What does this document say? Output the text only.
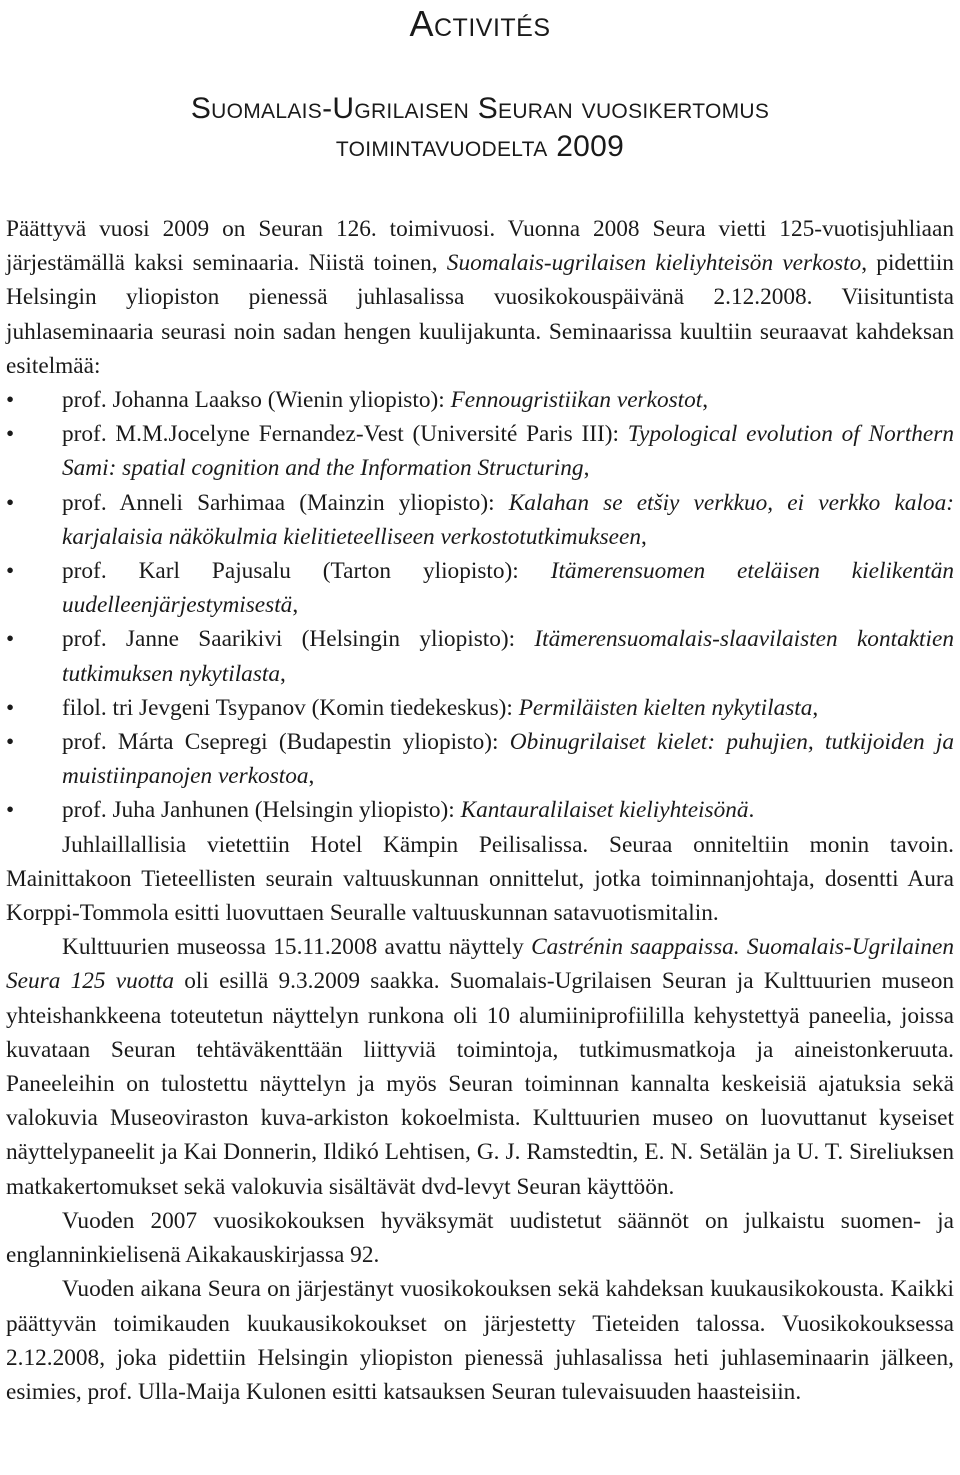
Activités
Suomalais-Ugrilaisen Seuran vuosikertomus
toimintavuodelta 2009

Päättyvä vuosi 2009 on Seuran 126. toimivuosi. Vuonna 2008 Seura vietti 125-vuotisjuhliaan järjestämällä kaksi seminaaria. Niistä toinen, Suomalais-ugrilaisen kieliyhteisön verkosto, pidettiin Helsingin yliopiston pienessä juhlasalissa vuosikokouspäivänä 2.12.2008. Viisituntista juhlaseminaaria seurasi noin sadan hengen kuulijakunta. Seminaarissa kuultiin seuraavat kahdeksan esitelmää:

• prof. Johanna Laakso (Wienin yliopisto): Fennougristiikan verkostot,
• prof. M.M.Jocelyne Fernandez-Vest (Université Paris III): Typological evolution of Northern Sami: spatial cognition and the Information Structuring,
• prof. Anneli Sarhimaa (Mainzin yliopisto): Kalahan se etšiy verkkuo, ei verkko kaloa: karjalaisia näkökulmia kielitieteelliseen verkostotutkimukseen,
• prof. Karl Pajusalu (Tarton yliopisto): Itämerensuomen eteläisen kielikentän uudelleenjärjestymisestä,
• prof. Janne Saarikivi (Helsingin yliopisto): Itämerensuomalais-slaavilaisten kontaktien tutkimuksen nykytilasta,
• filol. tri Jevgeni Tsypanov (Komin tiedekeskus): Permiläisten kielten nykytilasta,
• prof. Márta Csepregi (Budapestin yliopisto): Obinugrilaiset kielet: puhujien, tutkijoiden ja muistiinpanojen verkostoa,
• prof. Juha Janhunen (Helsingin yliopisto): Kantauralilaiset kieliyhteisönä.

Juhlaillallisia vietettiin Hotel Kämpin Peilisalissa. Seuraa onniteltiin monin tavoin. Mainittakoon Tieteellisten seurain valtuuskunnan onnittelut, jotka toiminnanjohtaja, dosentti Aura Korppi-Tommola esitti luovuttaen Seuralle valtuuskunnan satavuotismitalin.

Kulttuurien museossa 15.11.2008 avattu näyttely Castrénin saappaissa. Suomalais-Ugrilainen Seura 125 vuotta oli esillä 9.3.2009 saakka. Suomalais-Ugrilaisen Seuran ja Kulttuurien museon yhteishankkeena toteutetun näyttelyn runkona oli 10 alumiiniprofiililla kehystettyä paneelia, joissa kuvataan Seuran tehtäväkenttään liittyviä toimintoja, tutkimusmatkoja ja aineistonkeruuta. Paneeleihin on tulostettu näyttelyn ja myös Seuran toiminnan kannalta keskeisiä ajatuksia sekä valokuvia Museoviraston kuva-arkiston kokoelmista. Kulttuurien museo on luovuttanut kyseiset näyttelypaneelit ja Kai Donnerin, Ildikó Lehtisen, G. J. Ramstedtin, E. N. Setälän ja U. T. Sireliuksen matkakertomukset sekä valokuvia sisältävät dvd-levyt Seuran käyttöön.

Vuoden 2007 vuosikokouksen hyväksymät uudistetut säännöt on julkaistu suomen- ja englanninkielisenä Aikakauskirjassa 92.

Vuoden aikana Seura on järjestänyt vuosikokouksen sekä kahdeksan kuukausikokousta. Kaikki päättyvän toimikauden kuukausikokoukset on järjestetty Tieteiden talossa. Vuosikokouksessa 2.12.2008, joka pidettiin Helsingin yliopiston pienessä juhlasalissa heti juhlaseminaarin jälkeen, esimies, prof. Ulla-Maija Kulonen esitti katsauksen Seuran tulevaisuuden haasteisiin.
